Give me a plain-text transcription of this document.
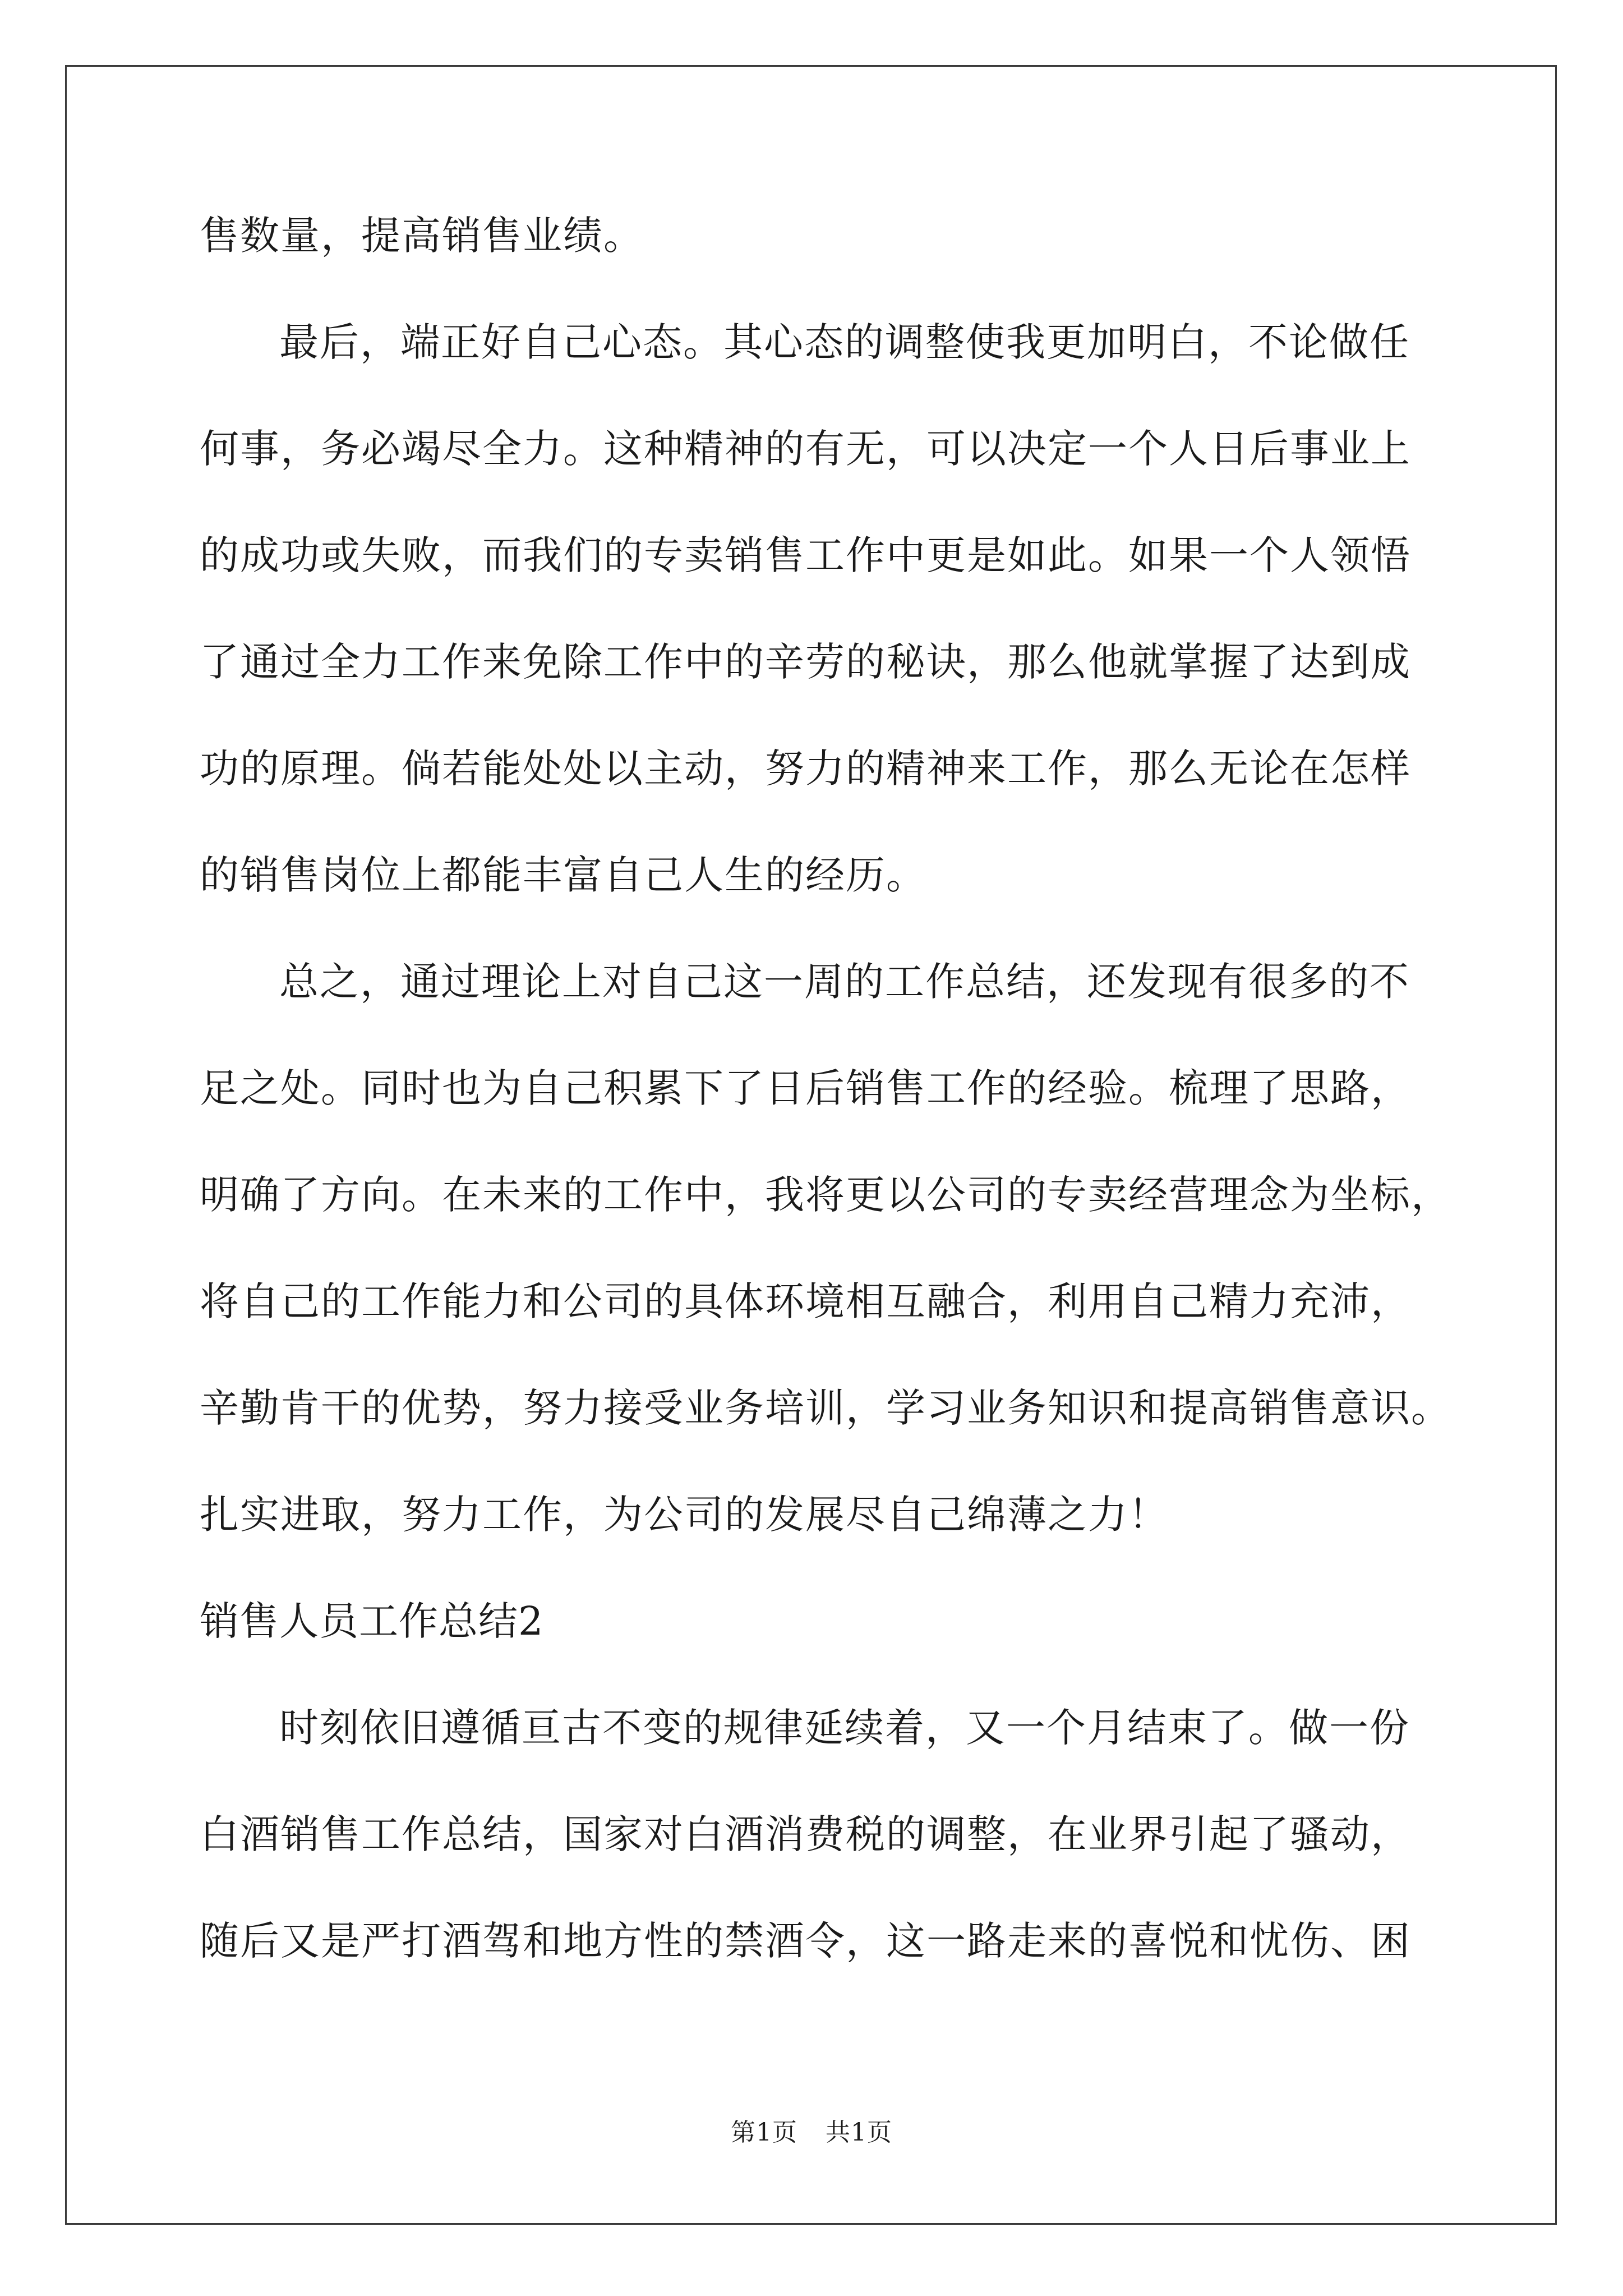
售数量，提高销售业绩。
最后，端正好自己心态。其心态的调整使我更加明白，不论做任
何事，务必竭尽全力。这种精神的有无，可以决定一个人日后事业上
的成功或失败，而我们的专卖销售工作中更是如此。如果一个人领悟
了通过全力工作来免除工作中的辛劳的秘诀，那么他就掌握了达到成
功的原理。倘若能处处以主动，努力的精神来工作，那么无论在怎样
的销售岗位上都能丰富自己人生的经历。
总之，通过理论上对自己这一周的工作总结，还发现有很多的不
足之处。同时也为自己积累下了日后销售工作的经验。梳理了思路，
明确了方向。在未来的工作中，我将更以公司的专卖经营理念为坐标，
将自己的工作能力和公司的具体环境相互融合，利用自己精力充沛，
辛勤肯干的优势，努力接受业务培训，学习业务知识和提高销售意识。
扎实进取，努力工作，为公司的发展尽自己绵薄之力！
销售人员工作总结2
时刻依旧遵循亘古不变的规律延续着，又一个月结束了。做一份
白酒销售工作总结，国家对白酒消费税的调整，在业界引起了骚动，
随后又是严打酒驾和地方性的禁酒令，这一路走来的喜悦和忧伤、困
第1页 共1页
